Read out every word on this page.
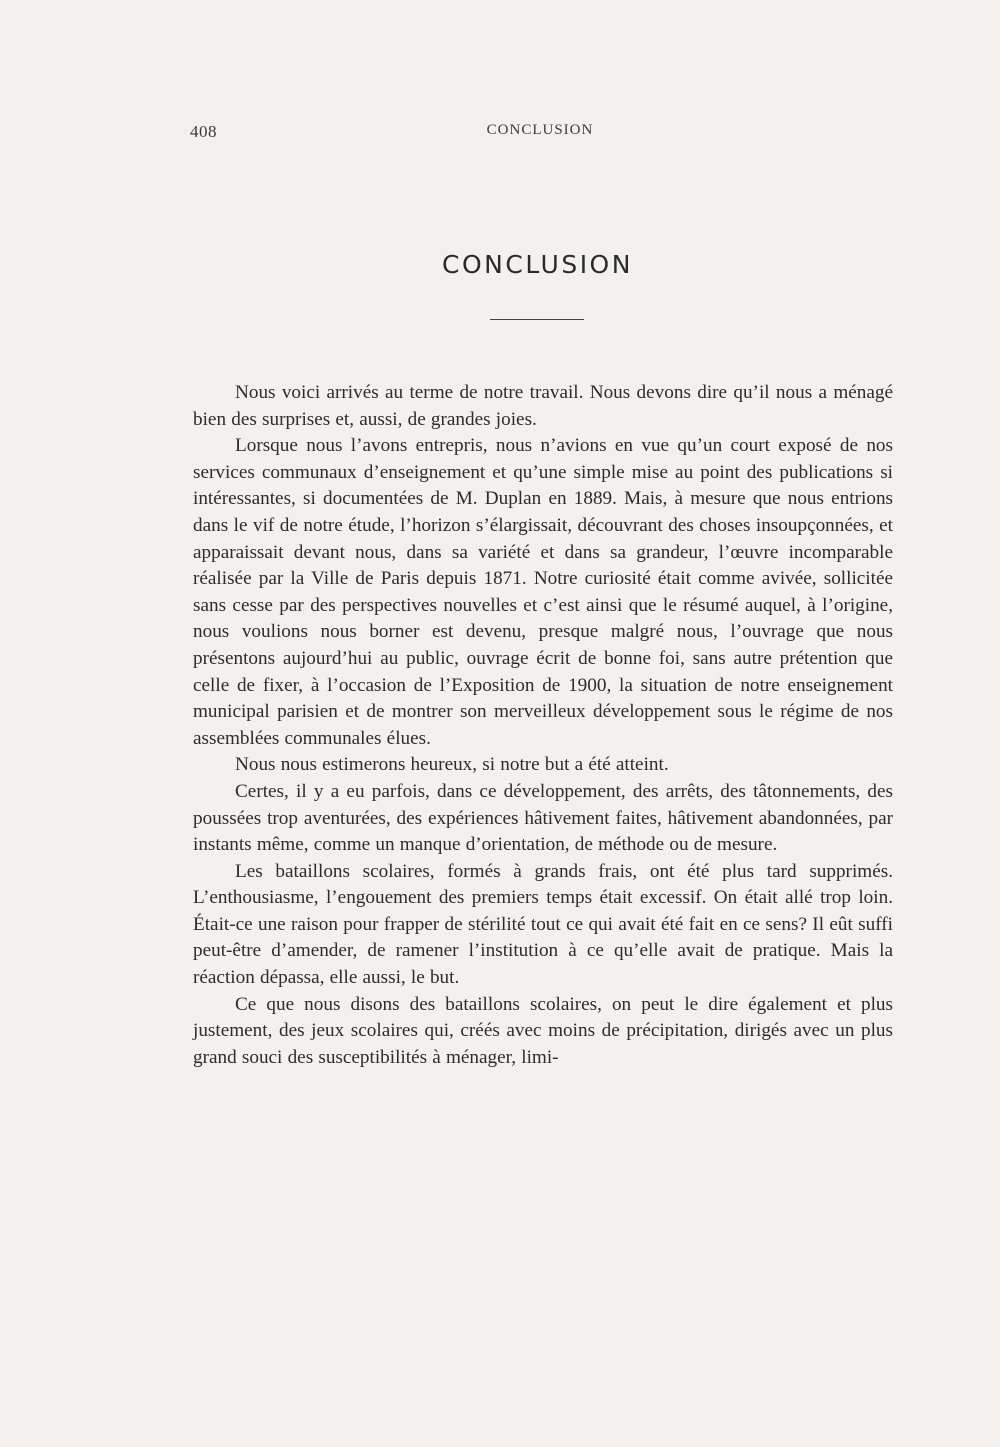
408	CONCLUSION
CONCLUSION

Nous voici arrivés au terme de notre travail. Nous devons dire qu’il nous a ménagé bien des surprises et, aussi, de grandes joies.

Lorsque nous l’avons entrepris, nous n’avions en vue qu’un court exposé de nos services communaux d’enseignement et qu’une simple mise au point des publications si intéressantes, si documentées de M. Duplan en 1889. Mais, à mesure que nous entrions dans le vif de notre étude, l’horizon s’élargissait, découvrant des choses insoupçonnées, et apparaissait devant nous, dans sa variété et dans sa grandeur, l’œuvre incomparable réalisée par la Ville de Paris depuis 1871. Notre curiosité était comme avivée, sollicitée sans cesse par des perspectives nouvelles et c’est ainsi que le résumé auquel, à l’origine, nous voulions nous borner est devenu, presque malgré nous, l’ouvrage que nous présentons aujourd’hui au public, ouvrage écrit de bonne foi, sans autre prétention que celle de fixer, à l’occasion de l’Exposition de 1900, la situation de notre enseignement municipal parisien et de montrer son merveilleux développement sous le régime de nos assemblées communales élues.

Nous nous estimerons heureux, si notre but a été atteint.

Certes, il y a eu parfois, dans ce développement, des arrêts, des tâtonnements, des poussées trop aventurées, des expériences hâtivement faites, hâtivement abandonnées, par instants même, comme un manque d’orientation, de méthode ou de mesure.

Les bataillons scolaires, formés à grands frais, ont été plus tard supprimés. L’enthousiasme, l’engouement des premiers temps était excessif. On était allé trop loin. Était-ce une raison pour frapper de stérilité tout ce qui avait été fait en ce sens? Il eût suffi peut-être d’amender, de ramener l’institution à ce qu’elle avait de pratique. Mais la réaction dépassa, elle aussi, le but.

Ce que nous disons des bataillons scolaires, on peut le dire également et plus justement, des jeux scolaires qui, créés avec moins de précipitation, dirigés avec un plus grand souci des susceptibilités à ménager, limi-
